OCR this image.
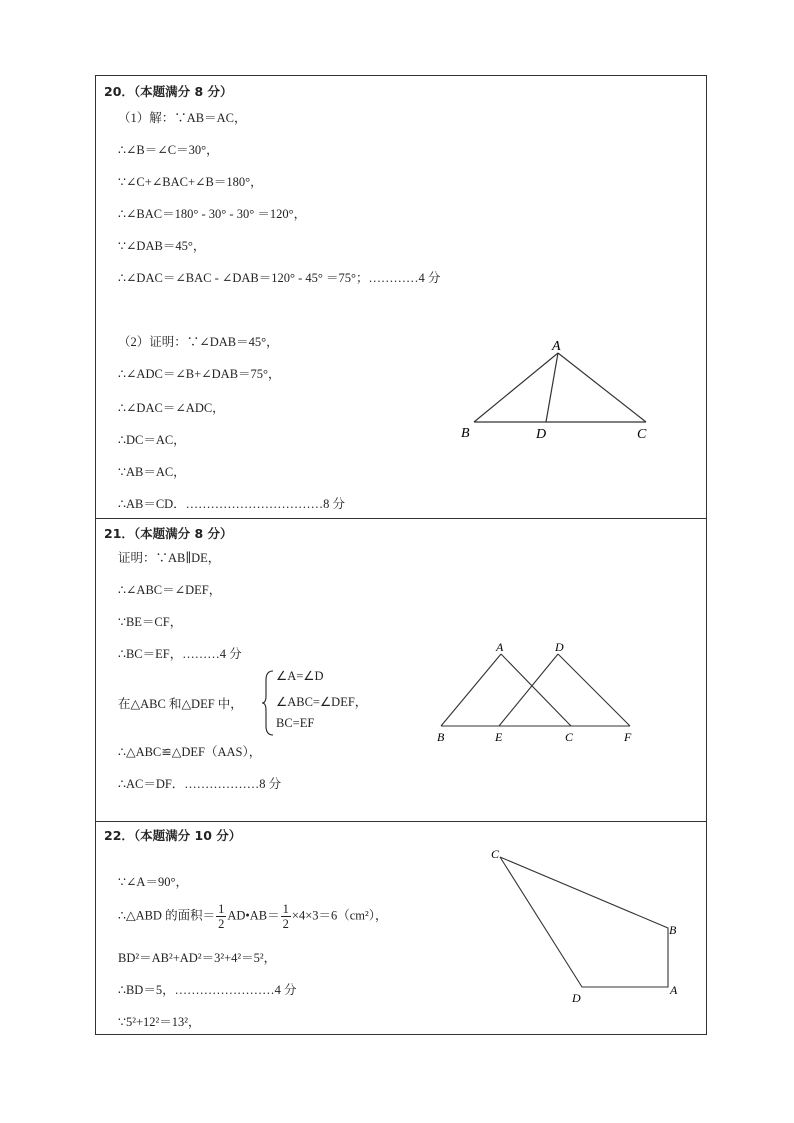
20．（本题满分 8 分）
（1）解：∵AB＝AC，
∴∠B＝∠C＝30°，
∵∠C+∠BAC+∠B＝180°，
∴∠BAC＝180° - 30° - 30° ＝120°，
∵∠DAB＝45°，
∴∠DAC＝∠BAC - ∠DAB＝120° - 45° ＝75°；…………4 分
（2）证明：∵∠DAB＝45°，
∴∠ADC＝∠B+∠DAB＝75°，
∴∠DAC＝∠ADC，
∴DC＝AC，
∵AB＝AC，
∴AB＝CD．……………………………8 分
A
B	D	C
21．（本题满分 8 分）
证明：∵AB∥DE，
∴∠ABC＝∠DEF，
∵BE＝CF，
∴BC＝EF，………4 分
在△ABC 和△DEF 中，
∠A=∠D
∠ABC=∠DEF，
BC=EF
∴△ABC≌△DEF（AAS），
∴AC＝DF．………………8 分
A	D
B	E	C	F
22．（本题满分 10 分）
∵∠A＝90°，
∴△ABD 的面积＝ $\frac{1}{2}$ AD•AB＝ $\frac{1}{2} \times 4\times 3=6(cm^2)$，
BD²＝AB²+AD²＝3²+4²＝5²，
∴BD＝5，……………………4 分
∵5²+12²＝13²，
C
B
A
D
